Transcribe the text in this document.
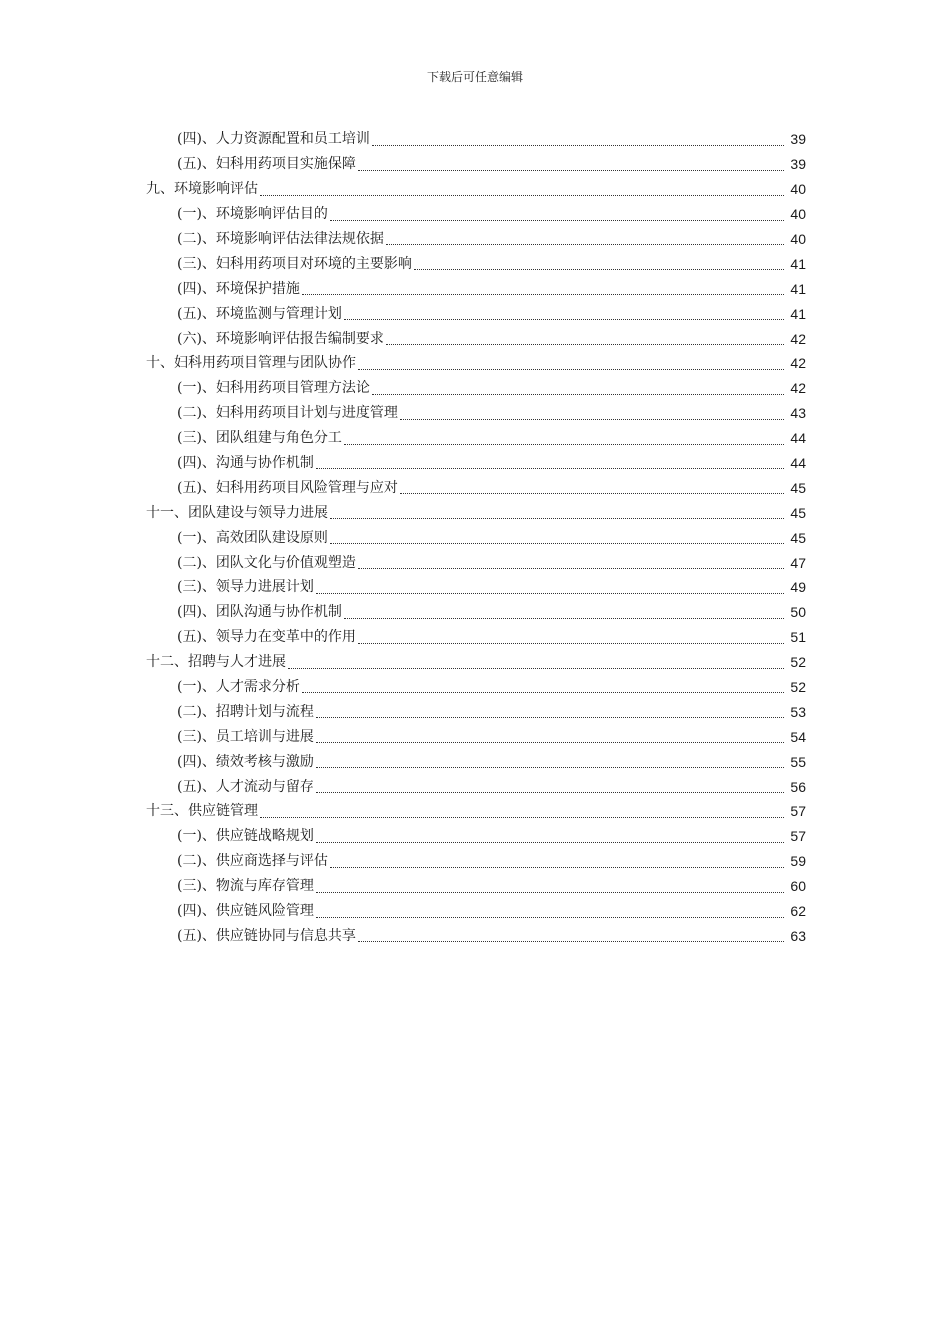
下载后可任意编辑
(四)、人力资源配置和员工培训	39
(五)、妇科用药项目实施保障	39
九、环境影响评估	40
(一)、环境影响评估目的	40
(二)、环境影响评估法律法规依据	40
(三)、妇科用药项目对环境的主要影响	41
(四)、环境保护措施	41
(五)、环境监测与管理计划	41
(六)、环境影响评估报告编制要求	42
十、妇科用药项目管理与团队协作	42
(一)、妇科用药项目管理方法论	42
(二)、妇科用药项目计划与进度管理	43
(三)、团队组建与角色分工	44
(四)、沟通与协作机制	44
(五)、妇科用药项目风险管理与应对	45
十一、团队建设与领导力进展	45
(一)、高效团队建设原则	45
(二)、团队文化与价值观塑造	47
(三)、领导力进展计划	49
(四)、团队沟通与协作机制	50
(五)、领导力在变革中的作用	51
十二、招聘与人才进展	52
(一)、人才需求分析	52
(二)、招聘计划与流程	53
(三)、员工培训与进展	54
(四)、绩效考核与激励	55
(五)、人才流动与留存	56
十三、供应链管理	57
(一)、供应链战略规划	57
(二)、供应商选择与评估	59
(三)、物流与库存管理	60
(四)、供应链风险管理	62
(五)、供应链协同与信息共享	63
